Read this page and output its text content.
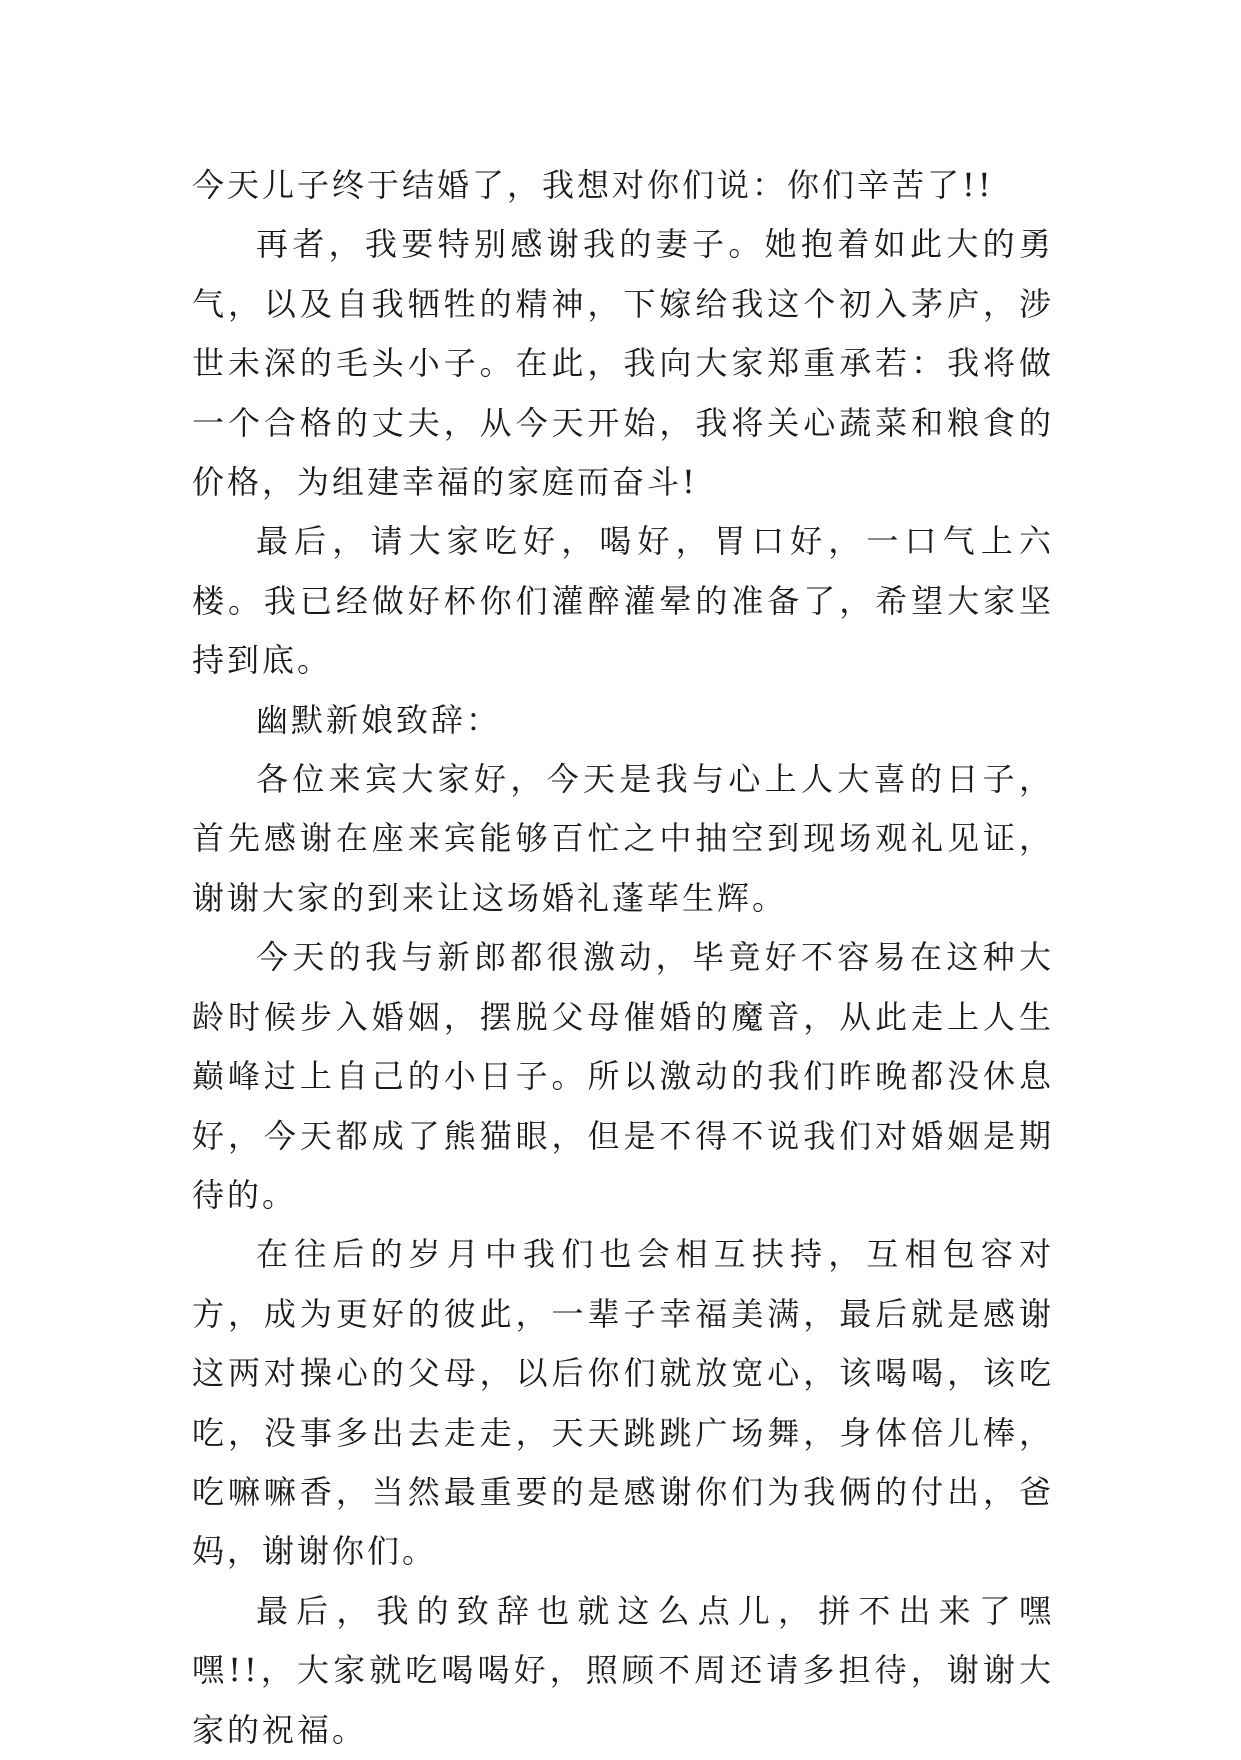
今天儿子终于结婚了，我想对你们说：你们辛苦了!!

再者，我要特别感谢我的妻子。她抱着如此大的勇气，以及自我牺牲的精神，下嫁给我这个初入茅庐，涉世未深的毛头小子。在此，我向大家郑重承若：我将做一个合格的丈夫，从今天开始，我将关心蔬菜和粮食的价格，为组建幸福的家庭而奋斗!

最后，请大家吃好，喝好，胃口好，一口气上六楼。我已经做好杯你们灌醉灌晕的准备了，希望大家坚持到底。

幽默新娘致辞：

各位来宾大家好，今天是我与心上人大喜的日子，首先感谢在座来宾能够百忙之中抽空到现场观礼见证，谢谢大家的到来让这场婚礼蓬荜生辉。

今天的我与新郎都很激动，毕竟好不容易在这种大龄时候步入婚姻，摆脱父母催婚的魔音，从此走上人生巅峰过上自己的小日子。所以激动的我们昨晚都没休息好，今天都成了熊猫眼，但是不得不说我们对婚姻是期待的。

在往后的岁月中我们也会相互扶持，互相包容对方，成为更好的彼此，一辈子幸福美满，最后就是感谢这两对操心的父母，以后你们就放宽心，该喝喝，该吃吃，没事多出去走走，天天跳跳广场舞，身体倍儿棒，吃嘛嘛香，当然最重要的是感谢你们为我俩的付出，爸妈，谢谢你们。

最后，我的致辞也就这么点儿，拼不出来了嘿嘿!!，大家就吃喝喝好，照顾不周还请多担待，谢谢大家的祝福。
